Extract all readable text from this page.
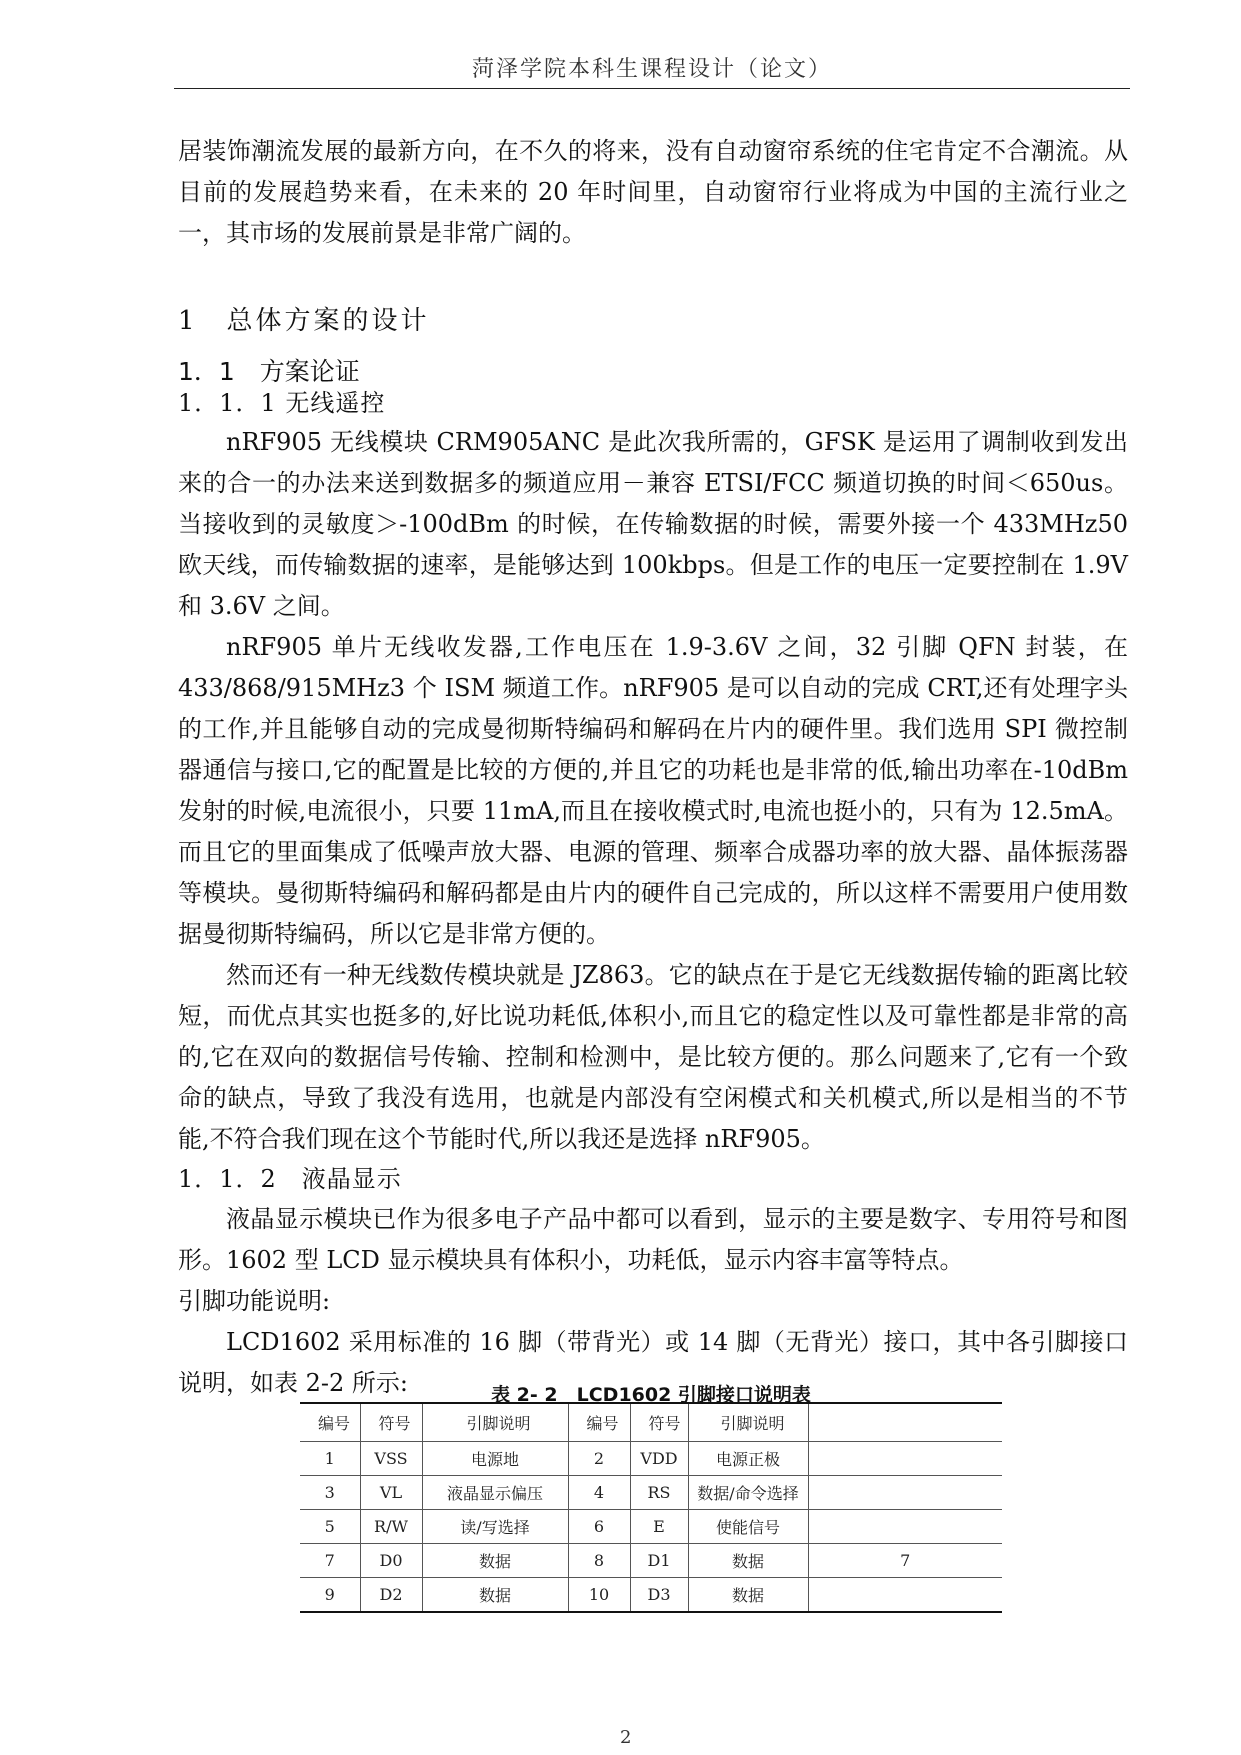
菏泽学院本科生课程设计（论文）

居装饰潮流发展的最新方向，在不久的将来，没有自动窗帘系统的住宅肯定不合潮流。从目前的发展趋势来看，在未来的 20 年时间里，自动窗帘行业将成为中国的主流行业之一，其市场的发展前景是非常广阔的。

1　总体方案的设计

1．1　方案论证

1．1．1 无线遥控

nRF905 无线模块 CRM905ANC 是此次我所需的，GFSK 是运用了调制收到发出来的合一的办法来送到数据多的频道应用－兼容 ETSI/FCC 频道切换的时间＜650us。当接收到的灵敏度＞-100dBm 的时候，在传输数据的时候，需要外接一个 433MHz50 欧天线，而传输数据的速率，是能够达到 100kbps。但是工作的电压一定要控制在 1.9V 和 3.6V 之间。

nRF905 单片无线收发器,工作电压在 1.9-3.6V 之间，32 引脚 QFN 封装，在 433/868/915MHz3 个 ISM 频道工作。nRF905 是可以自动的完成 CRT,还有处理字头的工作,并且能够自动的完成曼彻斯特编码和解码在片内的硬件里。我们选用 SPI 微控制器通信与接口,它的配置是比较的方便的,并且它的功耗也是非常的低,输出功率在-10dBm 发射的时候,电流很小，只要 11mA,而且在接收模式时,电流也挺小的，只有为 12.5mA。而且它的里面集成了低噪声放大器、电源的管理、频率合成器功率的放大器、晶体振荡器等模块。曼彻斯特编码和解码都是由片内的硬件自己完成的，所以这样不需要用户使用数据曼彻斯特编码，所以它是非常方便的。

然而还有一种无线数传模块就是 JZ863。它的缺点在于是它无线数据传输的距离比较短，而优点其实也挺多的,好比说功耗低,体积小,而且它的稳定性以及可靠性都是非常的高的,它在双向的数据信号传输、控制和检测中，是比较方便的。那么问题来了,它有一个致命的缺点，导致了我没有选用，也就是内部没有空闲模式和关机模式,所以是相当的不节能,不符合我们现在这个节能时代,所以我还是选择 nRF905。

1．1．2　液晶显示

液晶显示模块已作为很多电子产品中都可以看到，显示的主要是数字、专用符号和图形。1602 型 LCD 显示模块具有体积小，功耗低，显示内容丰富等特点。

引脚功能说明:

LCD1602 采用标准的 16 脚（带背光）或 14 脚（无背光）接口，其中各引脚接口说明，如表 2-2 所示:	表 2- 2　LCD1602 引脚接口说明表
编号	符号	引脚说明	编号	符号	引脚说明	
1	VSS	电源地	2	VDD	电源正极	
3	VL	液晶显示偏压	4	RS	数据/命令选择	
5	R/W	读/写选择	6	E	使能信号	
7	D0	数据	8	D1	数据	7
9	D2	数据	10	D3	数据	
2
